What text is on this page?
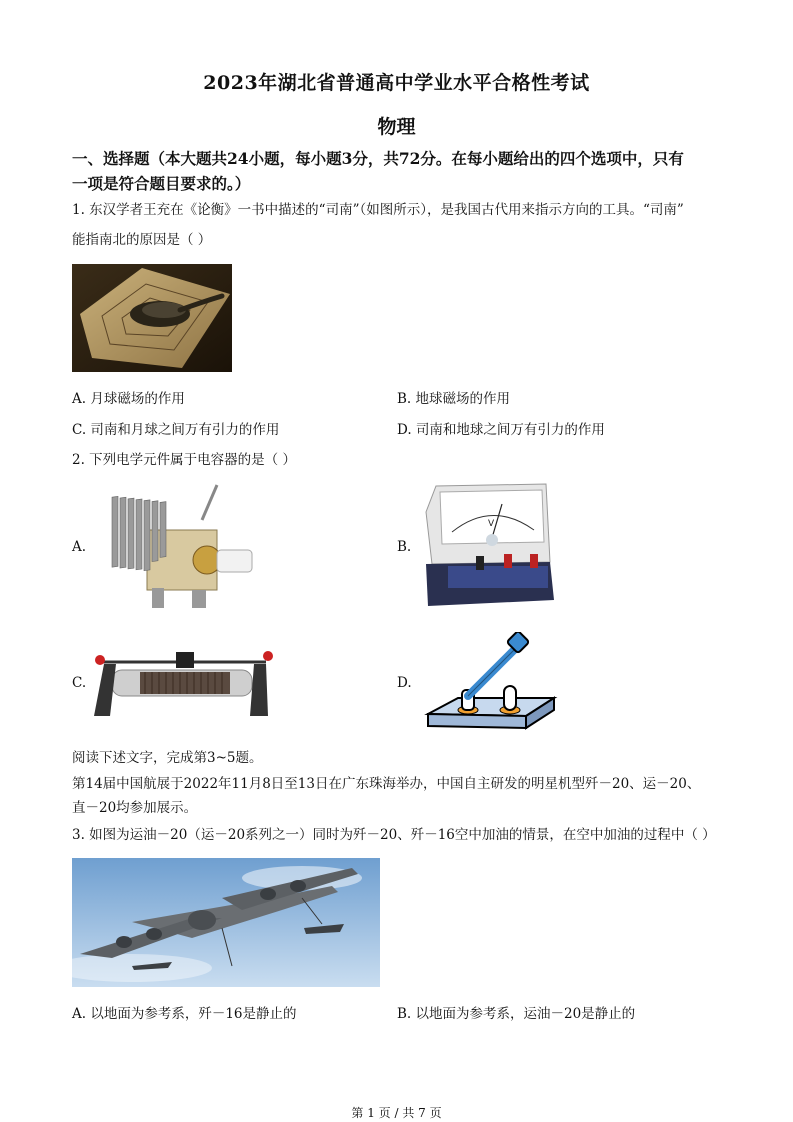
2023年湖北省普通高中学业水平合格性考试
物理
一、选择题（本大题共24小题，每小题3分，共72分。在每小题给出的四个选项中，只有
一项是符合题目要求的。）
1. 东汉学者王充在《论衡》一书中描述的“司南”（如图所示），是我国古代用来指示方向的工具。“司南”
能指南北的原因是（ ）
A. 月球磁场的作用	B. 地球磁场的作用
C. 司南和月球之间万有引力的作用	D. 司南和地球之间万有引力的作用
2. 下列电学元件属于电容器的是（ ）
A.	B.
V
C.	D.
阅读下述文字，完成第3~5题。
第14届中国航展于2022年11月8日至13日在广东珠海举办，中国自主研发的明星机型歼－20、运－20、
直－20均参加展示。
3. 如图为运油－20（运－20系列之一）同时为歼－20、歼－16空中加油的情景，在空中加油的过程中（ ）
A. 以地面为参考系，歼－16是静止的	B. 以地面为参考系，运油－20是静止的
第 1 页 / 共 7 页
